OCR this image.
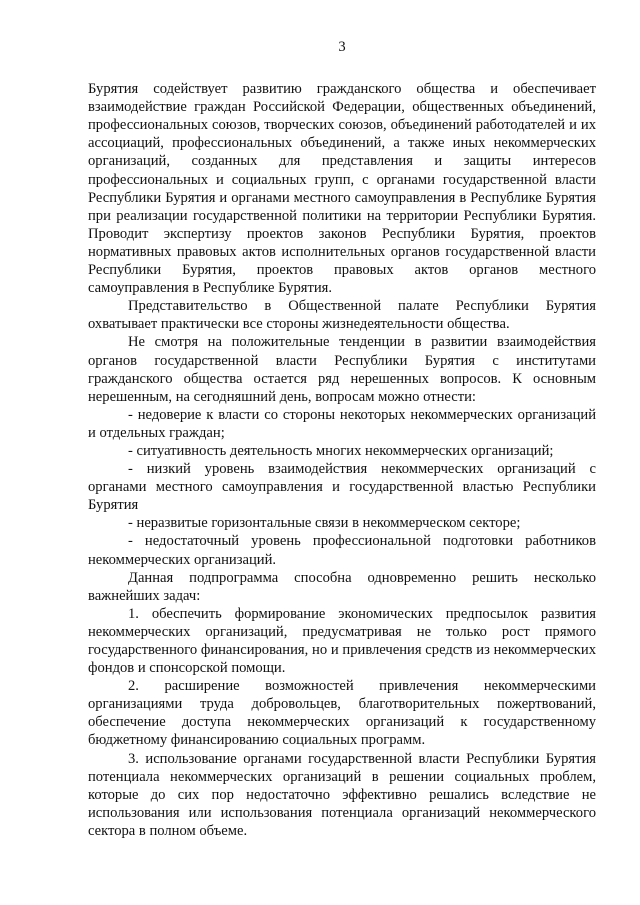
3

Бурятия содействует развитию гражданского общества и обеспечивает взаимодействие граждан Российской Федерации, общественных объединений, профессиональных союзов, творческих союзов, объединений работодателей и их ассоциаций, профессиональных объединений, а также иных некоммерческих организаций, созданных для представления и защиты интересов профессиональных и социальных групп, с органами государственной власти Республики Бурятия и органами местного самоуправления в Республике Бурятия при реализации государственной политики на территории Республики Бурятия. Проводит экспертизу проектов законов Республики Бурятия, проектов нормативных правовых актов исполнительных органов государственной власти Республики Бурятия, проектов правовых актов органов местного самоуправления в Республике Бурятия.

Представительство в Общественной палате Республики Бурятия охватывает практически все стороны жизнедеятельности общества.

Не смотря на положительные тенденции в развитии взаимодействия органов государственной власти Республики Бурятия с институтами гражданского общества остается ряд нерешенных вопросов. К основным нерешенным, на сегодняшний день, вопросам можно отнести:

- недоверие к власти со стороны некоторых некоммерческих организаций и отдельных граждан;

- ситуативность деятельность многих некоммерческих организаций;

- низкий уровень взаимодействия некоммерческих организаций с органами местного самоуправления и государственной властью Республики Бурятия

- неразвитые горизонтальные связи в некоммерческом секторе;

- недостаточный уровень профессиональной подготовки работников некоммерческих организаций.

Данная подпрограмма способна одновременно решить несколько важнейших задач:

1. обеспечить формирование экономических предпосылок развития некоммерческих организаций, предусматривая не только рост прямого государственного финансирования, но и привлечения средств из некоммерческих фондов и спонсорской помощи.

2. расширение возможностей привлечения некоммерческими организациями труда добровольцев, благотворительных пожертвований, обеспечение доступа некоммерческих организаций к государственному бюджетному финансированию социальных программ.

3. использование органами государственной власти Республики Бурятия потенциала некоммерческих организаций в решении социальных проблем, которые до сих пор недостаточно эффективно решались вследствие не использования или использования потенциала организаций некоммерческого сектора в полном объеме.
